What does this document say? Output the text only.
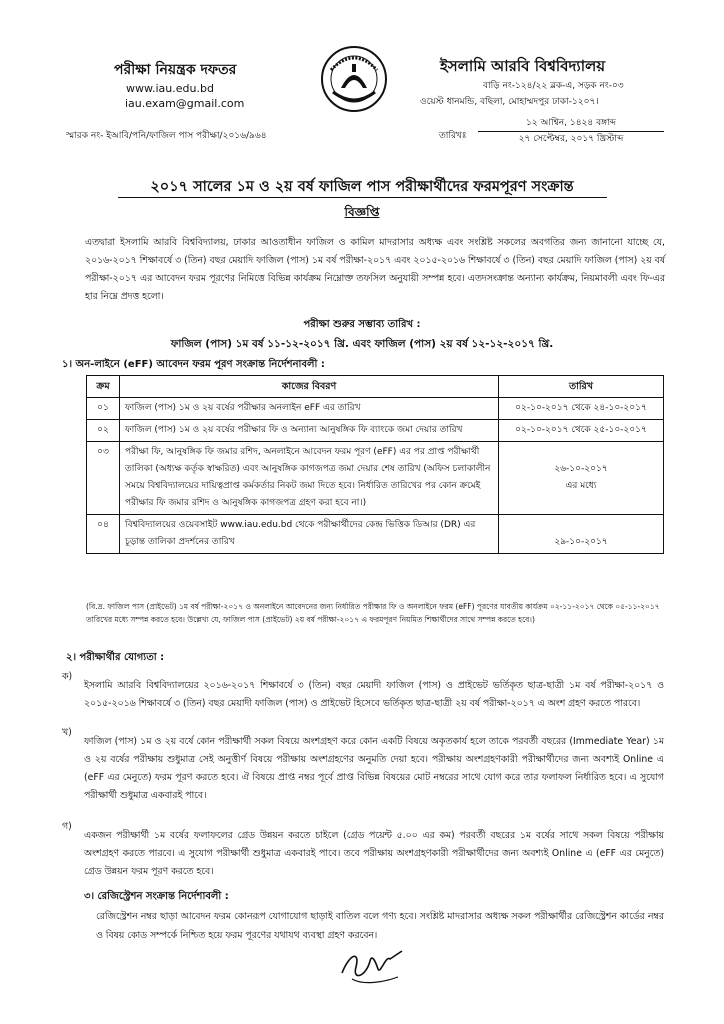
পরীক্ষা নিয়ন্ত্রক দফতর
www.iau.edu.bd
iau.exam@gmail.com
ইসলামি আরবি বিশ্ববিদ্যালয়
বাড়ি নং-১২৪/২২ ব্লক-এ, সড়ক নং-০৩
ওয়েস্ট ধানমন্ডি, বছিলা, মোহাম্মদপুর ঢাকা-১২০৭।
স্মারক নং- ইআবি/পনি/ফাজিল পাস পরীক্ষা/২০১৬/৯৬৪	তারিখঃ
১২ আশ্বিন, ১৪২৪ বঙ্গাব্দ
২৭ সেপ্টেম্বর, ২০১৭ খ্রিস্টাব্দ
২০১৭ সালের ১ম ও ২য় বর্ষ ফাজিল পাস পরীক্ষার্থীদের ফরমপূরণ সংক্রান্ত
বিজ্ঞপ্তি
এতদ্বারা ইসলামি আরবি বিশ্ববিদ্যালয়, ঢাকার আওতাধীন ফাজিল ও কামিল মাদরাসার অধ্যক্ষ এবং সংশ্লিষ্ট সকলের অবগতির জন্য জানানো যাচ্ছে যে, ২০১৬-২০১৭ শিক্ষাবর্ষে ৩ (তিন) বছর মেয়াদি ফাজিল (পাস) ১ম বর্ষ পরীক্ষা-২০১৭ এবং ২০১৫-২০১৬ শিক্ষাবর্ষে ৩ (তিন) বছর মেয়াদি ফাজিল (পাস) ২য় বর্ষ পরীক্ষা-২০১৭ এর আবেদন ফরম পূরণের নিমিত্তে বিভিন্ন কার্যক্রম নিম্নোক্ত তফসিল অনুযায়ী সম্পন্ন হবে। এতদসংক্রান্ত অন্যান্য কার্যক্রম, নিয়মাবলী এবং ফি-এর হার নিম্নে প্রদত্ত হলো।
পরীক্ষা শুরুর সম্ভাব্য তারিখ :
ফাজিল (পাস) ১ম বর্ষ ১১-১২-২০১৭ খ্রি. এবং ফাজিল (পাস) ২য় বর্ষ ১২-১২-২০১৭ খ্রি.
১। অন-লাইনে (eFF) আবেদন ফরম পূরণ সংক্রান্ত নির্দেশনাবলী :
ক্রম	কাজের বিবরণ	তারিখ
০১	ফাজিল (পাস) ১ম ও ২য় বর্ষের পরীক্ষার অনলাইন eFF এর তারিখ	০২-১০-২০১৭ থেকে ২৪-১০-২০১৭
০২	ফাজিল (পাস) ১ম ও ২য় বর্ষের পরীক্ষার ফি ও অন্যান্য আনুষঙ্গিক ফি ব্যাংকে জমা দেয়ার তারিখ	০২-১০-২০১৭ থেকে ২৫-১০-২০১৭
০৩	পরীক্ষা ফি, আনুষঙ্গিক ফি জমার রশিদ, অনলাইনে আবেদন ফরম পূরণ (eFF) এর পর প্রাপ্ত পরীক্ষার্থী তালিকা (অধ্যক্ষ কর্তৃক স্বাক্ষরিত) এবং আনুষঙ্গিক কাগজপত্র জমা দেয়ার শেষ তারিখ (অফিস চলাকালীন সময়ে বিশ্ববিদ্যালয়ের দায়িত্বপ্রাপ্ত কর্মকর্তার নিকট জমা দিতে হবে। নির্ধারিত তারিখের পর কোন ক্রমেই পরীক্ষার ফি জমার রশিদ ও আনুষঙ্গিক কাগজপত্র গ্রহণ করা হবে না।)	২৬-১০-২০১৭
এর মধ্যে

০৪	বিশ্ববিদ্যালয়ের ওয়েবসাইট www.iau.edu.bd থেকে পরীক্ষার্থীদের কেন্দ্র ভিত্তিক ডিআর (DR) এর চূড়ান্ত তালিকা প্রদর্শনের তারিখ	২৯-১০-২০১৭
(বি.দ্র. ফাজিল পাস (প্রাইভেট) ১ম বর্ষ পরীক্ষা-২০১৭ ও অনলাইনে আবেদনের জন্য নির্ধারিত পরীক্ষার ফি ও অনলাইনে ফরম (eFF) পূরণের যাবতীয় কার্যক্রম ০২-১১-২০১৭ থেকে ০৫-১১-২০১৭ তারিখের মধ্যে সম্পন্ন করতে হবে। উল্লেখ্য যে, ফাজিল পাস (প্রাইভেট) ২য় বর্ষ পরীক্ষা-২০১৭ এ ফরমপূরণ নিয়মিত শিক্ষার্থীদের সাথে সম্পন্ন করতে হবে।)
২। পরীক্ষার্থীর যোগ্যতা :
ক)

ইসলামি আরবি বিশ্ববিদ্যালয়ের ২০১৬-২০১৭ শিক্ষাবর্ষে ৩ (তিন) বছর মেয়াদী ফাজিল (পাস) ও প্রাইভেট ভর্তিকৃত ছাত্র-ছাত্রী ১ম বর্ষ পরীক্ষা-২০১৭ ও ২০১৫-২০১৬ শিক্ষাবর্ষে ৩ (তিন) বছর মেয়াদী ফাজিল (পাস) ও প্রাইভেট হিসেবে ভর্তিকৃত ছাত্র-ছাত্রী ২য় বর্ষ পরীক্ষা-২০১৭ এ অংশ গ্রহণ করতে পারবে।

খ)

ফাজিল (পাস) ১ম ও ২য় বর্ষে কোন পরীক্ষার্থী সকল বিষয়ে অংশগ্রহণ করে কোন একটি বিষয়ে অকৃতকার্য হলে তাকে পরবর্তী বছরের (Immediate Year) ১ম ও ২য় বর্ষের পরীক্ষায় শুধুমাত্র সেই অনুত্তীর্ণ বিষয়ে পরীক্ষায় অংশগ্রহণের অনুমতি দেয়া হবে। পরীক্ষায় অংশগ্রহণকারী পরীক্ষার্থীদের জন্য অবশ্যই Online এ (eFF এর মেনুতে) ফরম পূরণ করতে হবে। ঐ বিষয়ে প্রাপ্ত নম্বর পূর্বে প্রাপ্ত বিভিন্ন বিষয়ের মোট নম্বরের সাথে যোগ করে তার ফলাফল নির্ধারিত হবে। এ সুযোগ পরীক্ষার্থী শুধুমাত্র একবারই পাবে।

গ)

একজন পরীক্ষার্থী ১ম বর্ষের ফলাফলের গ্রেড উন্নয়ন করতে চাইলে (গ্রেড পয়েন্ট ৫.০০ এর কম) পরবর্তী বছরের ১ম বর্ষের সাথে সকল বিষয়ে পরীক্ষায় অংশগ্রহণ করতে পারবে। এ সুযোগ পরীক্ষার্থী শুধুমাত্র একবারই পাবে। তবে পরীক্ষায় অংশগ্রহণকারী পরীক্ষার্থীদের জন্য অবশ্যই Online এ (eFF এর মেনুতে) গ্রেড উন্নয়ন ফরম পূরণ করতে হবে।

৩। রেজিস্ট্রেশন সংক্রান্ত নির্দেশাবলী :
রেজিস্ট্রেশন নম্বর ছাড়া আবেদন ফরম কোনরূপ যোগাযোগ ছাড়াই বাতিল বলে গণ্য হবে। সংশ্লিষ্ট মাদরাসার অধ্যক্ষ সকল পরীক্ষার্থীর রেজিস্ট্রেশন কার্ডের নম্বর ও বিষয় কোড সম্পর্কে নিশ্চিত হয়ে ফরম পূরণের যথাযথ ব্যবস্থা গ্রহণ করবেন।
